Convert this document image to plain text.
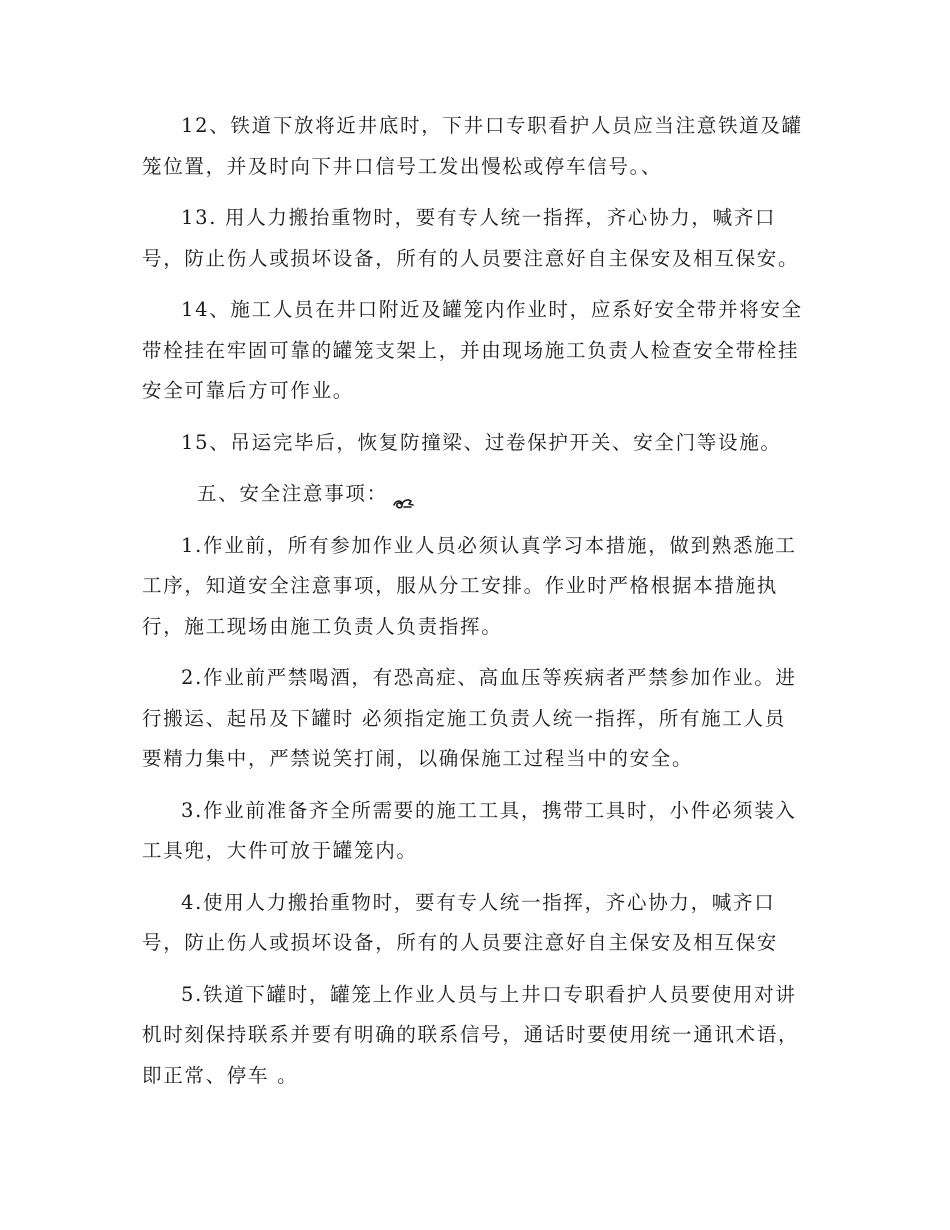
12、铁道下放将近井底时，下井口专职看护人员应当注意铁道及罐笼位置，并及时向下井口信号工发出慢松或停车信号。、

13. 用人力搬抬重物时，要有专人统一指挥，齐心协力，喊齐口号，防止伤人或损坏设备，所有的人员要注意好自主保安及相互保安。

14、施工人员在井口附近及罐笼内作业时，应系好安全带并将安全带栓挂在牢固可靠的罐笼支架上，并由现场施工负责人检查安全带栓挂安全可靠后方可作业。

15、吊运完毕后，恢复防撞梁、过卷保护开关、安全门等设施。

五、安全注意事项：

1.作业前，所有参加作业人员必须认真学习本措施，做到熟悉施工工序，知道安全注意事项，服从分工安排。作业时严格根据本措施执行，施工现场由施工负责人负责指挥。

2.作业前严禁喝酒，有恐高症、高血压等疾病者严禁参加作业。进行搬运、起吊及下罐时 必须指定施工负责人统一指挥，所有施工人员要精力集中，严禁说笑打闹，以确保施工过程当中的安全。

3.作业前准备齐全所需要的施工工具，携带工具时，小件必须装入工具兜，大件可放于罐笼内。

4.使用人力搬抬重物时，要有专人统一指挥，齐心协力，喊齐口号，防止伤人或损坏设备，所有的人员要注意好自主保安及相互保安

5.铁道下罐时，罐笼上作业人员与上井口专职看护人员要使用对讲机时刻保持联系并要有明确的联系信号，通话时要使用统一通讯术语，即正常、停车 。
